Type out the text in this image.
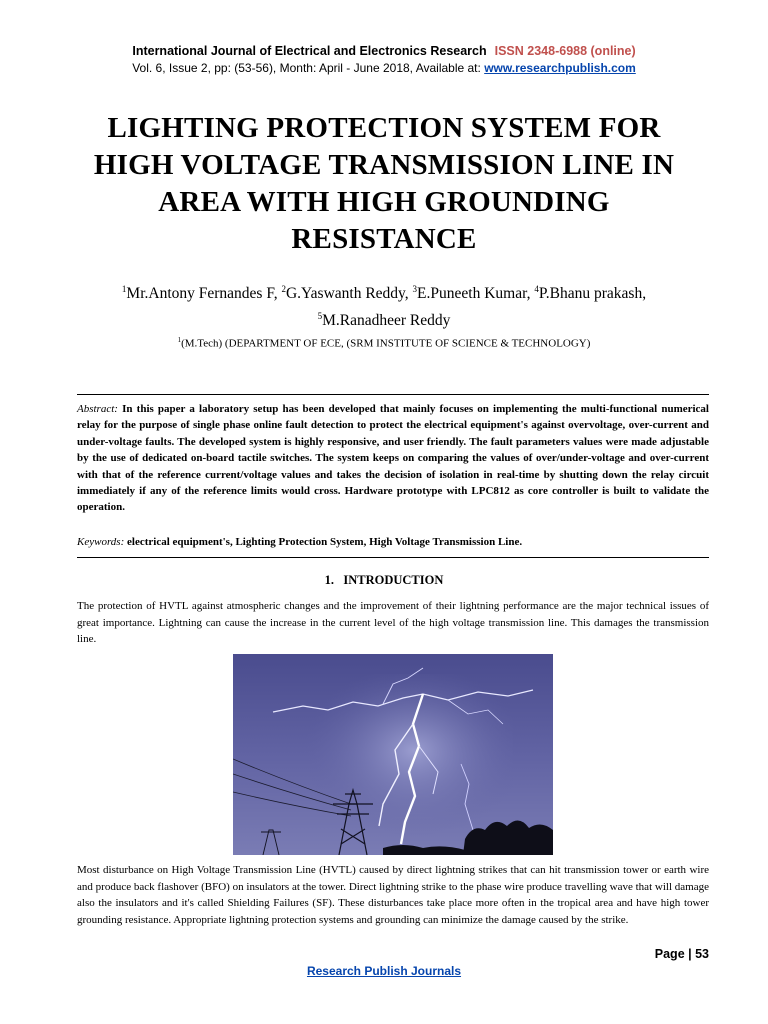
International Journal of Electrical and Electronics Research ISSN 2348-6988 (online)
Vol. 6, Issue 2, pp: (53-56), Month: April - June 2018, Available at: www.researchpublish.com
LIGHTING PROTECTION SYSTEM FOR
HIGH VOLTAGE TRANSMISSION LINE IN
AREA WITH HIGH GROUNDING
RESISTANCE
$^1$Mr.Antony Fernandes F, $^2$G.Yaswanth Reddy, $^3$E.Puneeth Kumar, $^4$P.Bhanu prakash,
$^5$M.Ranadheer Reddy
$^1$(M.Tech) (DEPARTMENT OF ECE, (SRM INSTITUTE OF SCIENCE & TECHNOLOGY)
Abstract: In this paper a laboratory setup has been developed that mainly focuses on implementing the multi-functional numerical relay for the purpose of single phase online fault detection to protect the electrical equipment's against overvoltage, over-current and under-voltage faults. The developed system is highly responsive, and user friendly. The fault parameters values were made adjustable by the use of dedicated on-board tactile switches. The system keeps on comparing the values of over/under-voltage and over-current with that of the reference current/voltage values and takes the decision of isolation in real-time by shutting down the relay circuit immediately if any of the reference limits would cross. Hardware prototype with LPC812 as core controller is built to validate the operation.
Keywords: electrical equipment's, Lighting Protection System, High Voltage Transmission Line.
1. INTRODUCTION
The protection of HVTL against atmospheric changes and the improvement of their lightning performance are the major technical issues of great importance. Lightning can cause the increase in the current level of the high voltage transmission line. This damages the transmission line.
Most disturbance on High Voltage Transmission Line (HVTL) caused by direct lightning strikes that can hit transmission tower or earth wire and produce back flashover (BFO) on insulators at the tower. Direct lightning strike to the phase wire produce travelling wave that will damage also the insulators and it's called Shielding Failures (SF). These disturbances take place more often in the tropical area and have high tower grounding resistance. Appropriate lightning protection systems and grounding can minimize the damage caused by the strike.
Page | 53
Research Publish Journals
